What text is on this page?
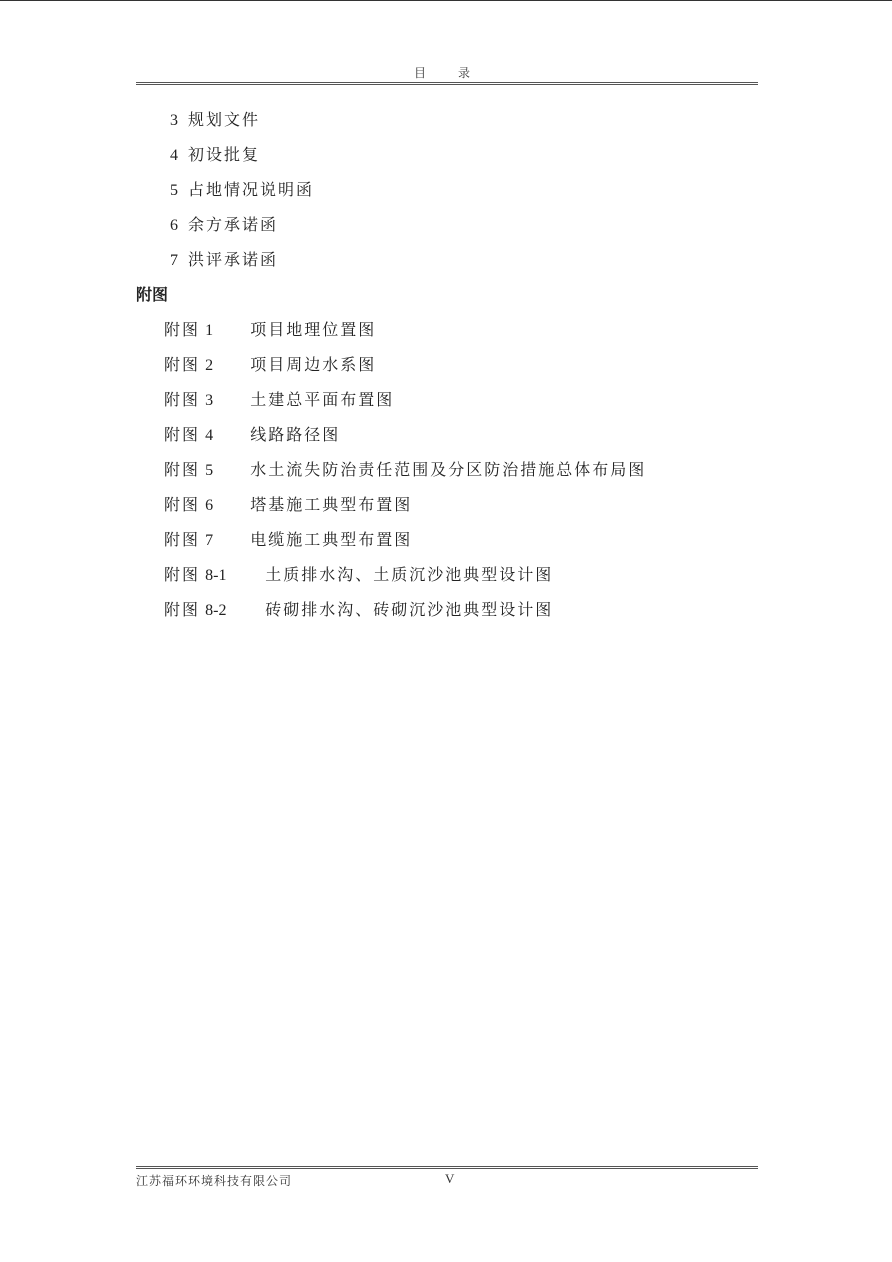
目　录
3 规划文件
4 初设批复
5 占地情况说明函
6 余方承诺函
7 洪评承诺函
附图
附图 1 项目地理位置图
附图 2 项目周边水系图
附图 3 土建总平面布置图
附图 4 线路路径图
附图 5 水土流失防治责任范围及分区防治措施总体布局图
附图 6 塔基施工典型布置图
附图 7 电缆施工典型布置图
附图 8-1 土质排水沟、土质沉沙池典型设计图
附图 8-2 砖砌排水沟、砖砌沉沙池典型设计图
江苏福环环境科技有限公司	V
